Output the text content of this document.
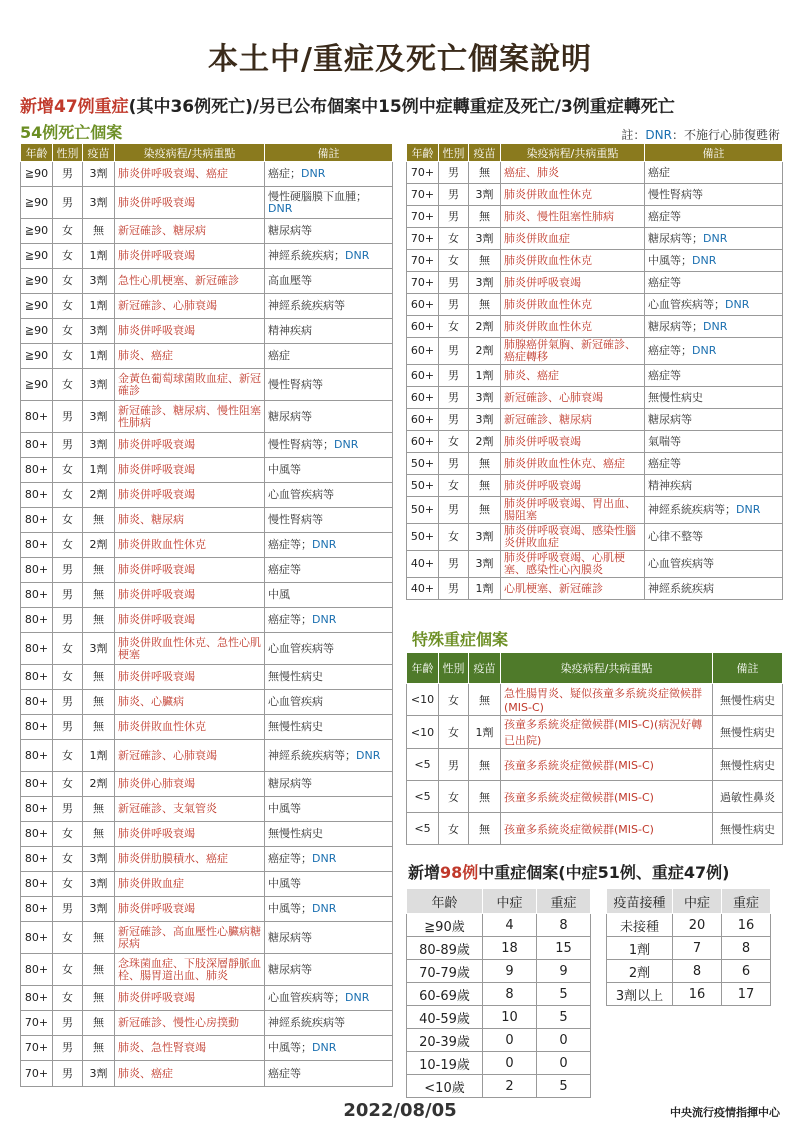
本土中/重症及死亡個案說明
新增47例重症(其中36例死亡)/另已公布個案中15例中症轉重症及死亡/3例重症轉死亡
54例死亡個案	註：DNR：不施行心肺復甦術
年齡	性別	疫苗	染疫病程/共病重點	備註
≧90	男	3劑	肺炎併呼吸衰竭、癌症	癌症；DNR
≧90	男	3劑	肺炎併呼吸衰竭	慢性硬腦膜下血腫；DNR
≧90	女	無	新冠確診、糖尿病	糖尿病等
≧90	女	1劑	肺炎併呼吸衰竭	神經系統疾病；DNR
≧90	女	3劑	急性心肌梗塞、新冠確診	高血壓等
≧90	女	1劑	新冠確診、心肺衰竭	神經系統疾病等
≧90	女	3劑	肺炎併呼吸衰竭	精神疾病
≧90	女	1劑	肺炎、癌症	癌症
≧90	女	3劑	金黃色葡萄球菌敗血症、新冠確診	慢性腎病等
80+	男	3劑	新冠確診、糖尿病、慢性阻塞性肺病	糖尿病等
80+	男	3劑	肺炎併呼吸衰竭	慢性腎病等；DNR
80+	女	1劑	肺炎併呼吸衰竭	中風等
80+	女	2劑	肺炎併呼吸衰竭	心血管疾病等
80+	女	無	肺炎、糖尿病	慢性腎病等
80+	女	2劑	肺炎併敗血性休克	癌症等；DNR
80+	男	無	肺炎併呼吸衰竭	癌症等
80+	男	無	肺炎併呼吸衰竭	中風
80+	男	無	肺炎併呼吸衰竭	癌症等；DNR
80+	女	3劑	肺炎併敗血性休克、急性心肌梗塞	心血管疾病等
80+	女	無	肺炎併呼吸衰竭	無慢性病史
80+	男	無	肺炎、心臟病	心血管疾病
80+	男	無	肺炎併敗血性休克	無慢性病史
80+	女	1劑	新冠確診、心肺衰竭	神經系統疾病等；DNR
80+	女	2劑	肺炎併心肺衰竭	糖尿病等
80+	男	無	新冠確診、支氣管炎	中風等
80+	女	無	肺炎併呼吸衰竭	無慢性病史
80+	女	3劑	肺炎併肋膜積水、癌症	癌症等；DNR
80+	女	3劑	肺炎併敗血症	中風等
80+	男	3劑	肺炎併呼吸衰竭	中風等；DNR
80+	女	無	新冠確診、高血壓性心臟病糖尿病	糖尿病等
80+	女	無	念珠菌血症、下肢深層靜脈血栓、腸胃道出血、肺炎	糖尿病等
80+	女	無	肺炎併呼吸衰竭	心血管疾病等；DNR
70+	男	無	新冠確診、慢性心房撲動	神經系統疾病等
70+	男	無	肺炎、急性腎衰竭	中風等；DNR
70+	男	3劑	肺炎、癌症	癌症等
年齡	性別	疫苗	染疫病程/共病重點	備註
70+	男	無	癌症、肺炎	癌症
70+	男	3劑	肺炎併敗血性休克	慢性腎病等
70+	男	無	肺炎、慢性阻塞性肺病	癌症等
70+	女	3劑	肺炎併敗血症	糖尿病等；DNR
70+	女	無	肺炎併敗血性休克	中風等；DNR
70+	男	3劑	肺炎併呼吸衰竭	癌症等
60+	男	無	肺炎併敗血性休克	心血管疾病等；DNR
60+	女	2劑	肺炎併敗血性休克	糖尿病等；DNR
60+	男	2劑	肺腺癌併氣胸、新冠確診、癌症轉移	癌症等；DNR
60+	男	1劑	肺炎、癌症	癌症等
60+	男	3劑	新冠確診、心肺衰竭	無慢性病史
60+	男	3劑	新冠確診、糖尿病	糖尿病等
60+	女	2劑	肺炎併呼吸衰竭	氣喘等
50+	男	無	肺炎併敗血性休克、癌症	癌症等
50+	女	無	肺炎併呼吸衰竭	精神疾病
50+	男	無	肺炎併呼吸衰竭、胃出血、腸阻塞	神經系統疾病等；DNR
50+	女	3劑	肺炎併呼吸衰竭、感染性腦炎併敗血症	心律不整等
40+	男	3劑	肺炎併呼吸衰竭、心肌梗塞、感染性心內膜炎	心血管疾病等
40+	男	1劑	心肌梗塞、新冠確診	神經系統疾病
特殊重症個案
年齡	性別	疫苗	染疫病程/共病重點	備註
<10	女	無	急性腸胃炎、疑似孩童多系統炎症徵候群(MIS-C)	無慢性病史
<10	女	1劑	孩童多系統炎症徵候群(MIS-C)(病況好轉已出院)	無慢性病史
<5	男	無	孩童多系統炎症徵候群(MIS-C)	無慢性病史
<5	女	無	孩童多系統炎症徵候群(MIS-C)	過敏性鼻炎
<5	女	無	孩童多系統炎症徵候群(MIS-C)	無慢性病史
新增98例中重症個案(中症51例、重症47例)
年齡	中症	重症
≧90歲	4	8
80-89歲	18	15
70-79歲	9	9
60-69歲	8	5
40-59歲	10	5
20-39歲	0	0
10-19歲	0	0
<10歲	2	5
疫苗接種	中症	重症
未接種	20	16
1劑	7	8
2劑	8	6
3劑以上	16	17
2022/08/05	中央流行疫情指揮中心
